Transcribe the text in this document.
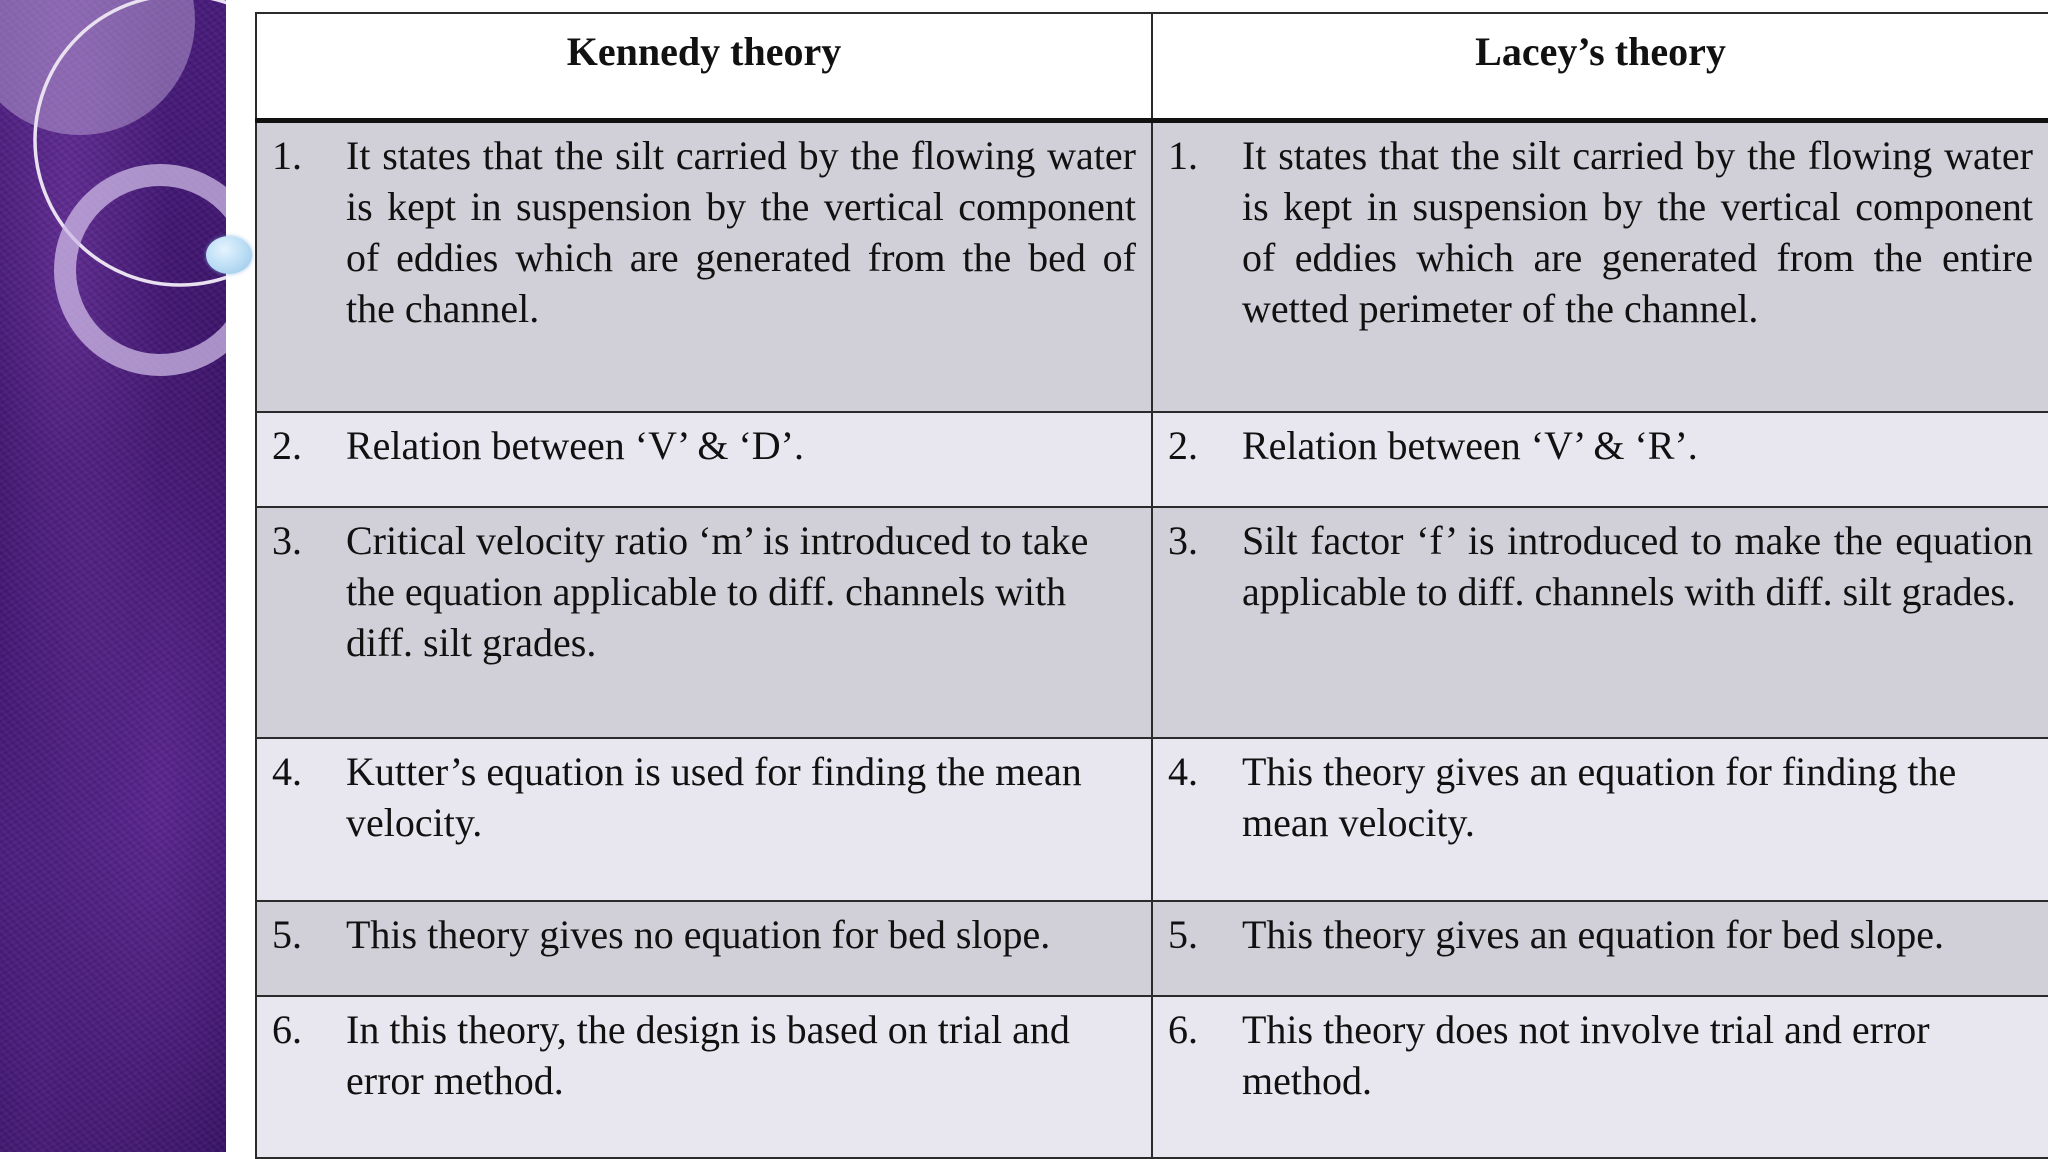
Kennedy theory	Lacey’s theory

1. It states that the silt carried by the flowing water is kept in suspension by the vertical component of eddies which are generated from the bed of the channel.	1. It states that the silt carried by the flowing water is kept in suspension by the vertical component of eddies which are generated from the entire wetted perimeter of the channel.

2. Relation between ‘V’ & ‘D’.	2. Relation between ‘V’ & ‘R’.

3. Critical velocity ratio ‘m’ is introduced to take the equation applicable to diff. channels with diff. silt grades.	3. Silt factor ‘f’ is introduced to make the equation applicable to diff. channels with diff. silt grades.

4. Kutter’s equation is used for finding the mean velocity.	4. This theory gives an equation for finding the mean velocity.

5. This theory gives no equation for bed slope.	5. This theory gives an equation for bed slope.

6. In this theory, the design is based on trial and error method.	6. This theory does not involve trial and error method.
